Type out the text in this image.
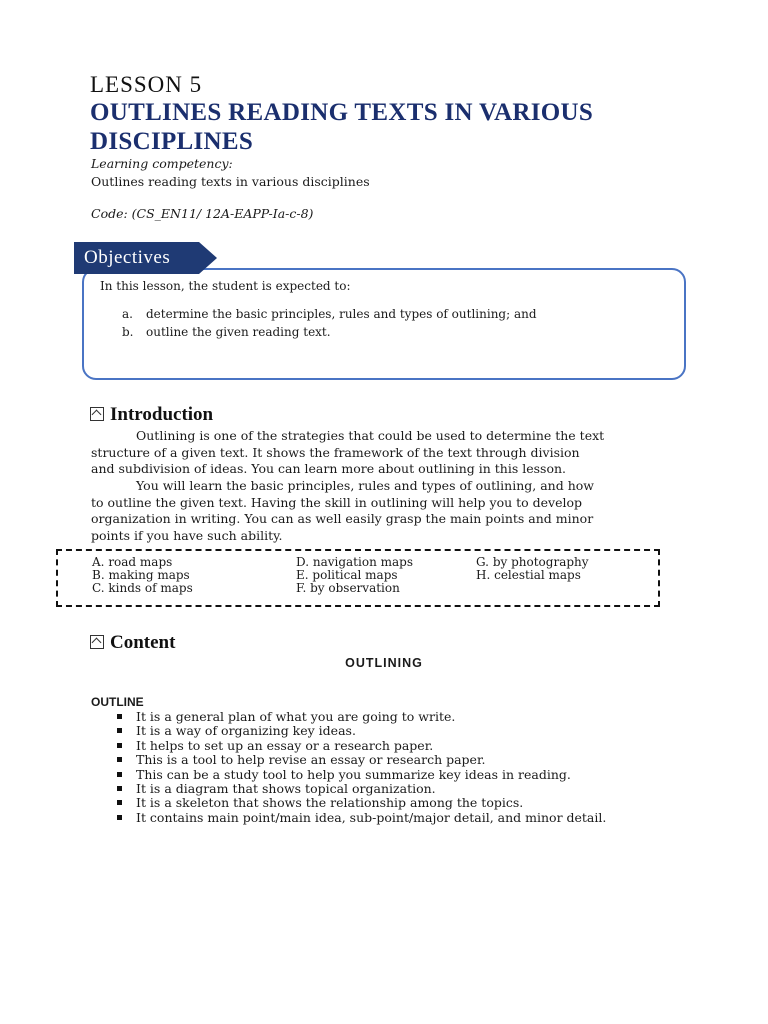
LESSON 5
OUTLINES READING TEXTS IN VARIOUS
DISCIPLINES
Learning competency:
Outlines reading texts in various disciplines
Code: (CS_EN11/ 12A-EAPP-Ia-c-8)
Objectives
In this lesson, the student is expected to:
a. determine the basic principles, rules and types of outlining; and
b. outline the given reading text.
Introduction
Outlining is one of the strategies that could be used to determine the text
structure of a given text. It shows the framework of the text through division
and subdivision of ideas. You can learn more about outlining in this lesson.
You will learn the basic principles, rules and types of outlining, and how
to outline the given text. Having the skill in outlining will help you to develop
organization in writing. You can as well easily grasp the main points and minor
points if you have such ability.
A. road maps
B. making maps
C. kinds of maps
D. navigation maps
E. political maps
F. by observation
G. by photography
H. celestial maps
Content
OUTLINING
OUTLINE
It is a general plan of what you are going to write.
It is a way of organizing key ideas.
It helps to set up an essay or a research paper.
This is a tool to help revise an essay or research paper.
This can be a study tool to help you summarize key ideas in reading.
It is a diagram that shows topical organization.
It is a skeleton that shows the relationship among the topics.
It contains main point/main idea, sub-point/major detail, and minor detail.
